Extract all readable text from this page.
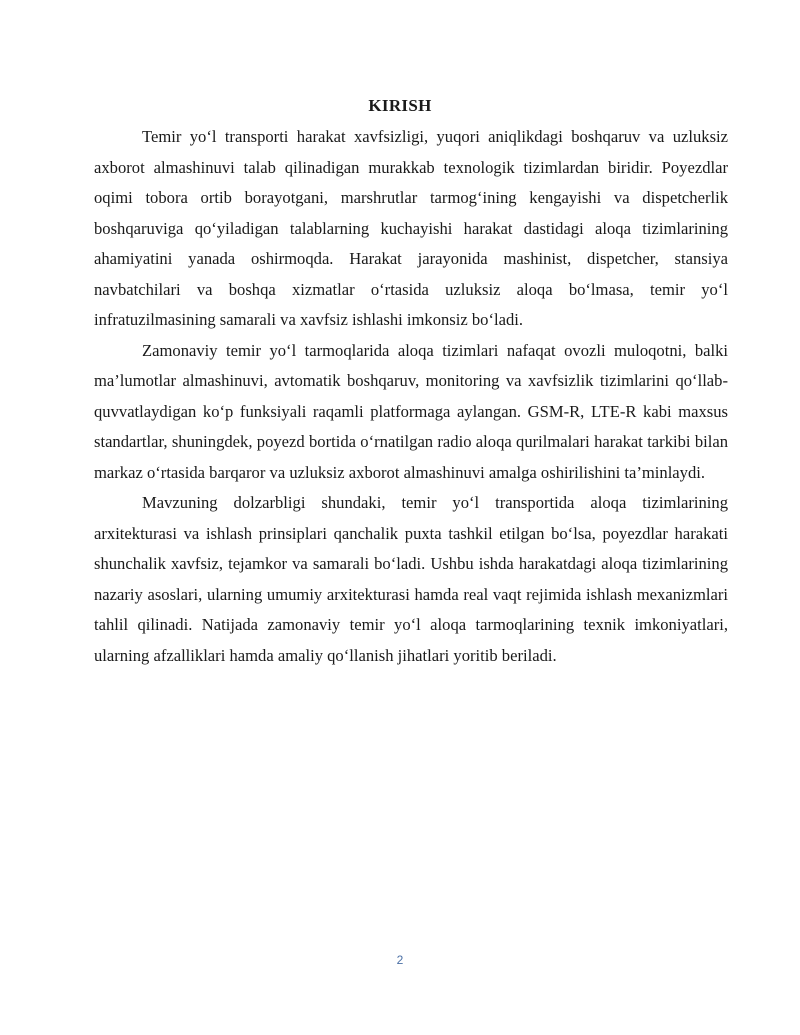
KIRISH

Temir yo‘l transporti harakat xavfsizligi, yuqori aniqlikdagi boshqaruv va uzluksiz axborot almashinuvi talab qilinadigan murakkab texnologik tizimlardan biridir. Poyezdlar oqimi tobora ortib borayotgani, marshrutlar tarmog‘ining kengayishi va dispetcherlik boshqaruviga qo‘yiladigan talablarning kuchayishi harakat dastidagi aloqa tizimlarining ahamiyatini yanada oshirmoqda. Harakat jarayonida mashinist, dispetcher, stansiya navbatchilari va boshqa xizmatlar o‘rtasida uzluksiz aloqa bo‘lmasa, temir yo‘l infratuzilmasining samarali va xavfsiz ishlashi imkonsiz bo‘ladi.

Zamonaviy temir yo‘l tarmoqlarida aloqa tizimlari nafaqat ovozli muloqotni, balki ma’lumotlar almashinuvi, avtomatik boshqaruv, monitoring va xavfsizlik tizimlarini qo‘llab-quvvatlaydigan ko‘p funksiyali raqamli platformaga aylangan. GSM-R, LTE-R kabi maxsus standartlar, shuningdek, poyezd bortida o‘rnatilgan radio aloqa qurilmalari harakat tarkibi bilan markaz o‘rtasida barqaror va uzluksiz axborot almashinuvi amalga oshirilishini ta’minlaydi.

Mavzuning dolzarbligi shundaki, temir yo‘l transportida aloqa tizimlarining arxitekturasi va ishlash prinsiplari qanchalik puxta tashkil etilgan bo‘lsa, poyezdlar harakati shunchalik xavfsiz, tejamkor va samarali bo‘ladi. Ushbu ishda harakatdagi aloqa tizimlarining nazariy asoslari, ularning umumiy arxitekturasi hamda real vaqt rejimida ishlash mexanizmlari tahlil qilinadi. Natijada zamonaviy temir yo‘l aloqa tarmoqlarining texnik imkoniyatlari, ularning afzalliklari hamda amaliy qo‘llanish jihatlari yoritib beriladi.

2
